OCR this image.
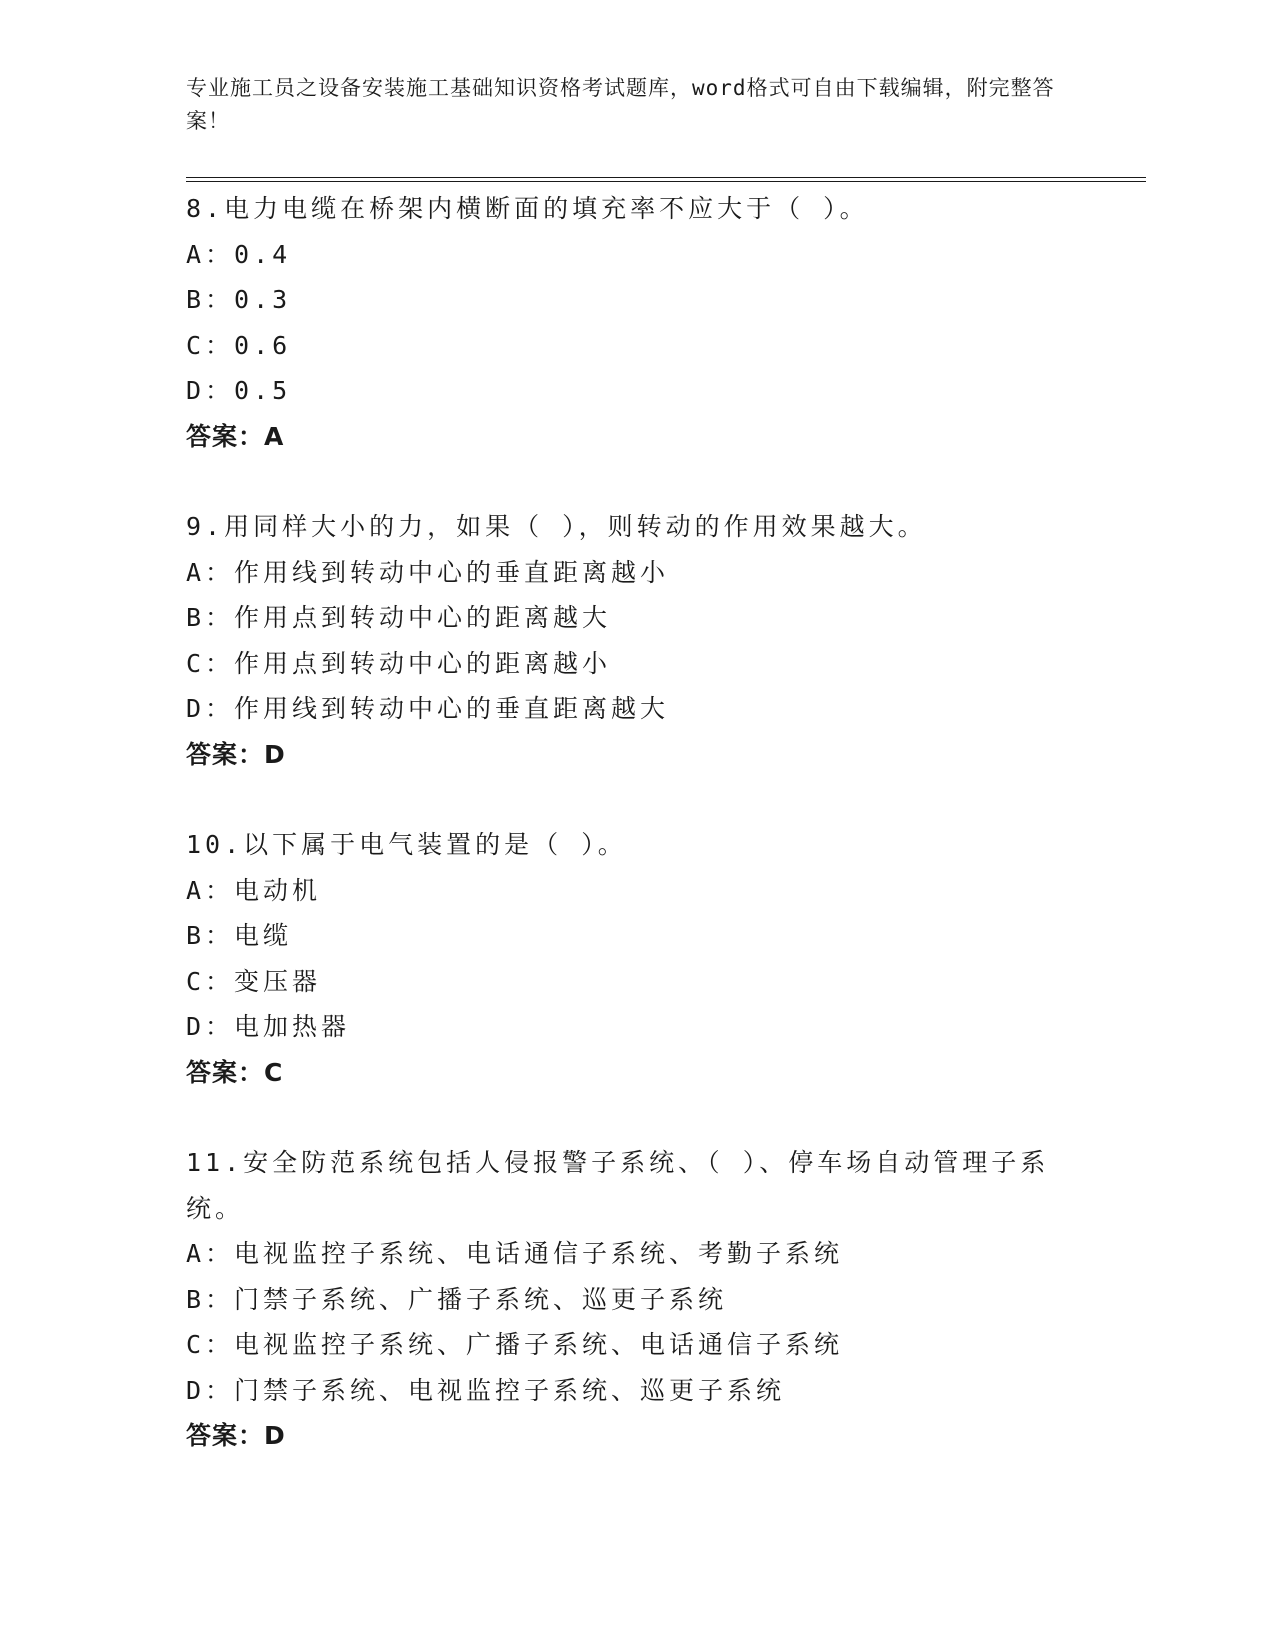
专业施工员之设备安装施工基础知识资格考试题库，word格式可自由下载编辑，附完整答案！

8.电力电缆在桥架内横断面的填充率不应大于（ ）。

A：0.4

B：0.3

C：0.6

D：0.5

答案：A

9.用同样大小的力，如果（ ），则转动的作用效果越大。

A：作用线到转动中心的垂直距离越小

B：作用点到转动中心的距离越大

C：作用点到转动中心的距离越小

D：作用线到转动中心的垂直距离越大

答案：D

10.以下属于电气装置的是（ ）。

A：电动机

B：电缆

C：变压器

D：电加热器

答案：C

11.安全防范系统包括人侵报警子系统、（ ）、停车场自动管理子系统。

A：电视监控子系统、电话通信子系统、考勤子系统

B：门禁子系统、广播子系统、巡更子系统

C：电视监控子系统、广播子系统、电话通信子系统

D：门禁子系统、电视监控子系统、巡更子系统

答案：D
